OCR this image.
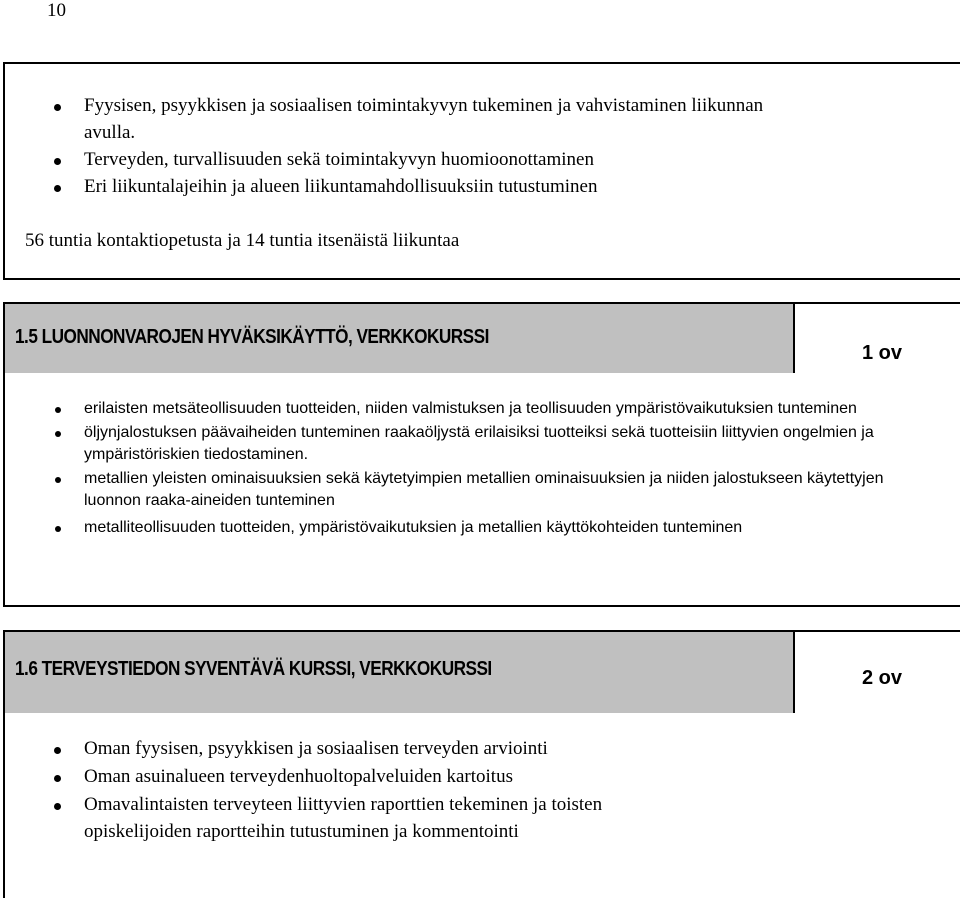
10
Fyysisen, psyykkisen ja sosiaalisen toimintakyvyn tukeminen ja vahvistaminen liikunnan avulla.
Terveyden, turvallisuuden sekä toimintakyvyn huomioonottaminen
Eri liikuntalajeihin ja alueen liikuntamahdollisuuksiin tutustuminen
56 tuntia kontaktiopetusta ja 14 tuntia itsenäistä liikuntaa
1.5 LUONNONVAROJEN HYVÄKSIKÄYTTÖ, VERKKOKURSSI
1 ov
erilaisten metsäteollisuuden tuotteiden, niiden valmistuksen ja teollisuuden ympäristövaikutuksien tunteminen
öljynjalostuksen päävaiheiden tunteminen raakaöljystä erilaisiksi tuotteiksi sekä tuotteisiin liittyvien ongelmien ja ympäristöriskien tiedostaminen.
metallien yleisten ominaisuuksien sekä käytetyimpien metallien ominaisuuksien ja niiden jalostukseen käytettyjen luonnon raaka-aineiden tunteminen
metalliteollisuuden tuotteiden, ympäristövaikutuksien ja metallien käyttökohteiden tunteminen
1.6 TERVEYSTIEDON SYVENTÄVÄ KURSSI, VERKKOKURSSI	2 ov
Oman fyysisen, psyykkisen ja sosiaalisen terveyden arviointi
Oman asuinalueen terveydenhuoltopalveluiden kartoitus
Omavalintaisten terveyteen liittyvien raporttien tekeminen ja toisten opiskelijoiden raportteihin tutustuminen ja kommentointi
